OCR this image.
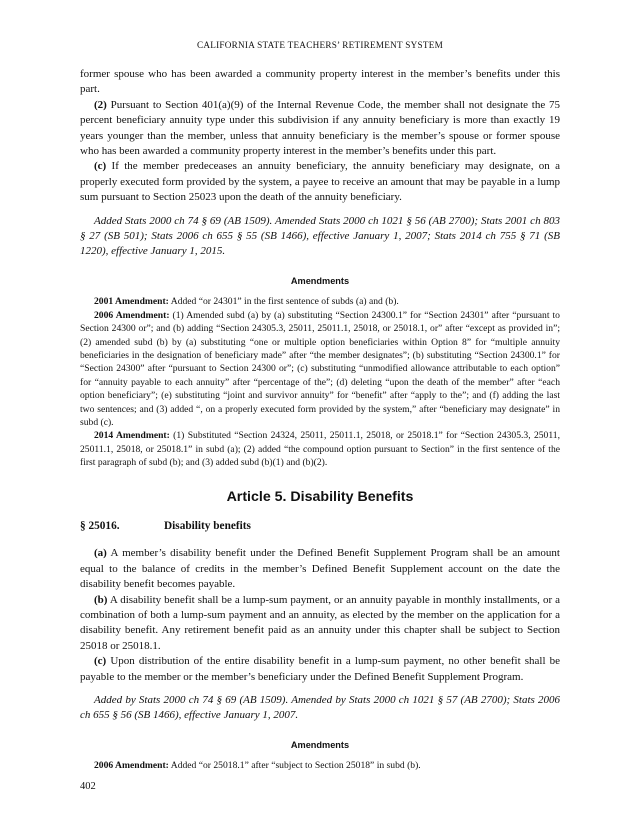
CALIFORNIA STATE TEACHERS’ RETIREMENT SYSTEM

former spouse who has been awarded a community property interest in the member’s benefits under this part.

(2) Pursuant to Section 401(a)(9) of the Internal Revenue Code, the member shall not designate the 75 percent beneficiary annuity type under this subdivision if any annuity beneficiary is more than exactly 19 years younger than the member, unless that annuity beneficiary is the member’s spouse or former spouse who has been awarded a community property interest in the member’s benefits under this part.

(c) If the member predeceases an annuity beneficiary, the annuity beneficiary may designate, on a properly executed form provided by the system, a payee to receive an amount that may be payable in a lump sum pursuant to Section 25023 upon the death of the annuity beneficiary.

Added Stats 2000 ch 74 § 69 (AB 1509). Amended Stats 2000 ch 1021 § 56 (AB 2700); Stats 2001 ch 803 § 27 (SB 501); Stats 2006 ch 655 § 55 (SB 1466), effective January 1, 2007; Stats 2014 ch 755 § 71 (SB 1220), effective January 1, 2015.

Amendments

2001 Amendment: Added “or 24301” in the first sentence of subds (a) and (b).

2006 Amendment: (1) Amended subd (a) by (a) substituting “Section 24300.1” for “Section 24301” after “pursuant to Section 24300 or”; and (b) adding “Section 24305.3, 25011, 25011.1, 25018, or 25018.1, or” after “except as provided in”; (2) amended subd (b) by (a) substituting “one or multiple option beneficiaries within Option 8” for “multiple annuity beneficiaries in the designation of beneficiary made” after “the member designates”; (b) substituting “Section 24300.1” for “Section 24300” after “pursuant to Section 24300 or”; (c) substituting “unmodified allowance attributable to each option” for “annuity payable to each annuity” after “percentage of the”; (d) deleting “upon the death of the member” after “each option beneficiary”; (e) substituting “joint and survivor annuity” for “benefit” after “apply to the”; and (f) adding the last two sentences; and (3) added “, on a properly executed form provided by the system,” after “beneficiary may designate” in subd (c).

2014 Amendment: (1) Substituted “Section 24324, 25011, 25011.1, 25018, or 25018.1” for “Section 24305.3, 25011, 25011.1, 25018, or 25018.1” in subd (a); (2) added “the compound option pursuant to Section” in the first sentence of the first paragraph of subd (b); and (3) added subd (b)(1) and (b)(2).

Article 5. Disability Benefits
§ 25016.	Disability benefits

(a) A member’s disability benefit under the Defined Benefit Supplement Program shall be an amount equal to the balance of credits in the member’s Defined Benefit Supplement account on the date the disability benefit becomes payable.

(b) A disability benefit shall be a lump-sum payment, or an annuity payable in monthly installments, or a combination of both a lump-sum payment and an annuity, as elected by the member on the application for a disability benefit. Any retirement benefit paid as an annuity under this chapter shall be subject to Section 25018 or 25018.1.

(c) Upon distribution of the entire disability benefit in a lump-sum payment, no other benefit shall be payable to the member or the member’s beneficiary under the Defined Benefit Supplement Program.

Added by Stats 2000 ch 74 § 69 (AB 1509). Amended by Stats 2000 ch 1021 § 57 (AB 2700); Stats 2006 ch 655 § 56 (SB 1466), effective January 1, 2007.

Amendments

2006 Amendment: Added “or 25018.1” after “subject to Section 25018” in subd (b).

402
